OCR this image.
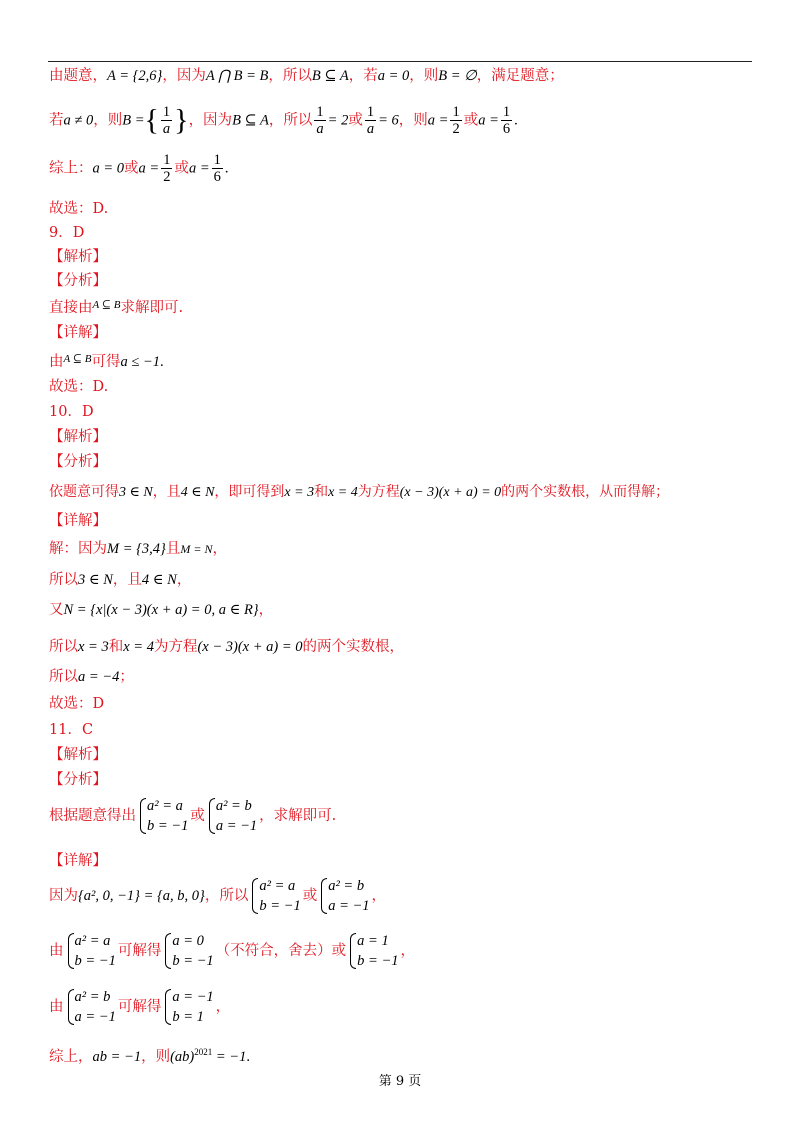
由题意，A = {2,6}，因为A ⋂ B = B，所以B ⊆ A，若a = 0，则B = ∅，满足题意；
若a ≠ 0，则B ={ $\frac{1}{a}$ }，因为B ⊆ A，所以 $\frac{1}{a} = 2$或 $\frac{1}{a} = 6$，则$a = \frac{1}{2}$ 或$a = \frac{1}{6}$ .
综上：a = 0或$a = \frac{1}{2}$ 或$a = \frac{1}{6}$ .
故选：D.
9．D
【解析】
【分析】
直接由$^{A ⊆ B}$求解即可.
【详解】
由$^{A ⊆ B}$可得a ≤ −1.
故选：D.
10．D
【解析】
【分析】
依题意可得3 ∈ N，且4 ∈ N，即可得到x = 3和x = 4为方程(x − 3)(x + a) = 0的两个实数根，从而得解；
【详解】
解：因为M = {3,4}且M = N，
所以3 ∈ N，且4 ∈ N，
又N = {x|(x − 3)(x + a) = 0, a ∈ R}，
所以x = 3和x = 4为方程(x − 3)(x + a) = 0的两个实数根，
所以a = −4；
故选：D
11．C
【解析】
【分析】
根据题意得出
a² = a
b = −1
或
a² = b
a = −1
，求解即可.
【详解】
因为{a², 0, −1} = {a, b, 0}，所以
a² = a
b = −1
或
a² = b
a = −1
，
由
a² = a
b = −1
可解得
a = 0
b = −1
（不符合，舍去）或
a = 1
b = −1
，
由
a² = b
a = −1
可解得
a = −1
b = 1
，
综上，ab = −1，则(ab)$^{2021}$ = −1.
第 9 页
